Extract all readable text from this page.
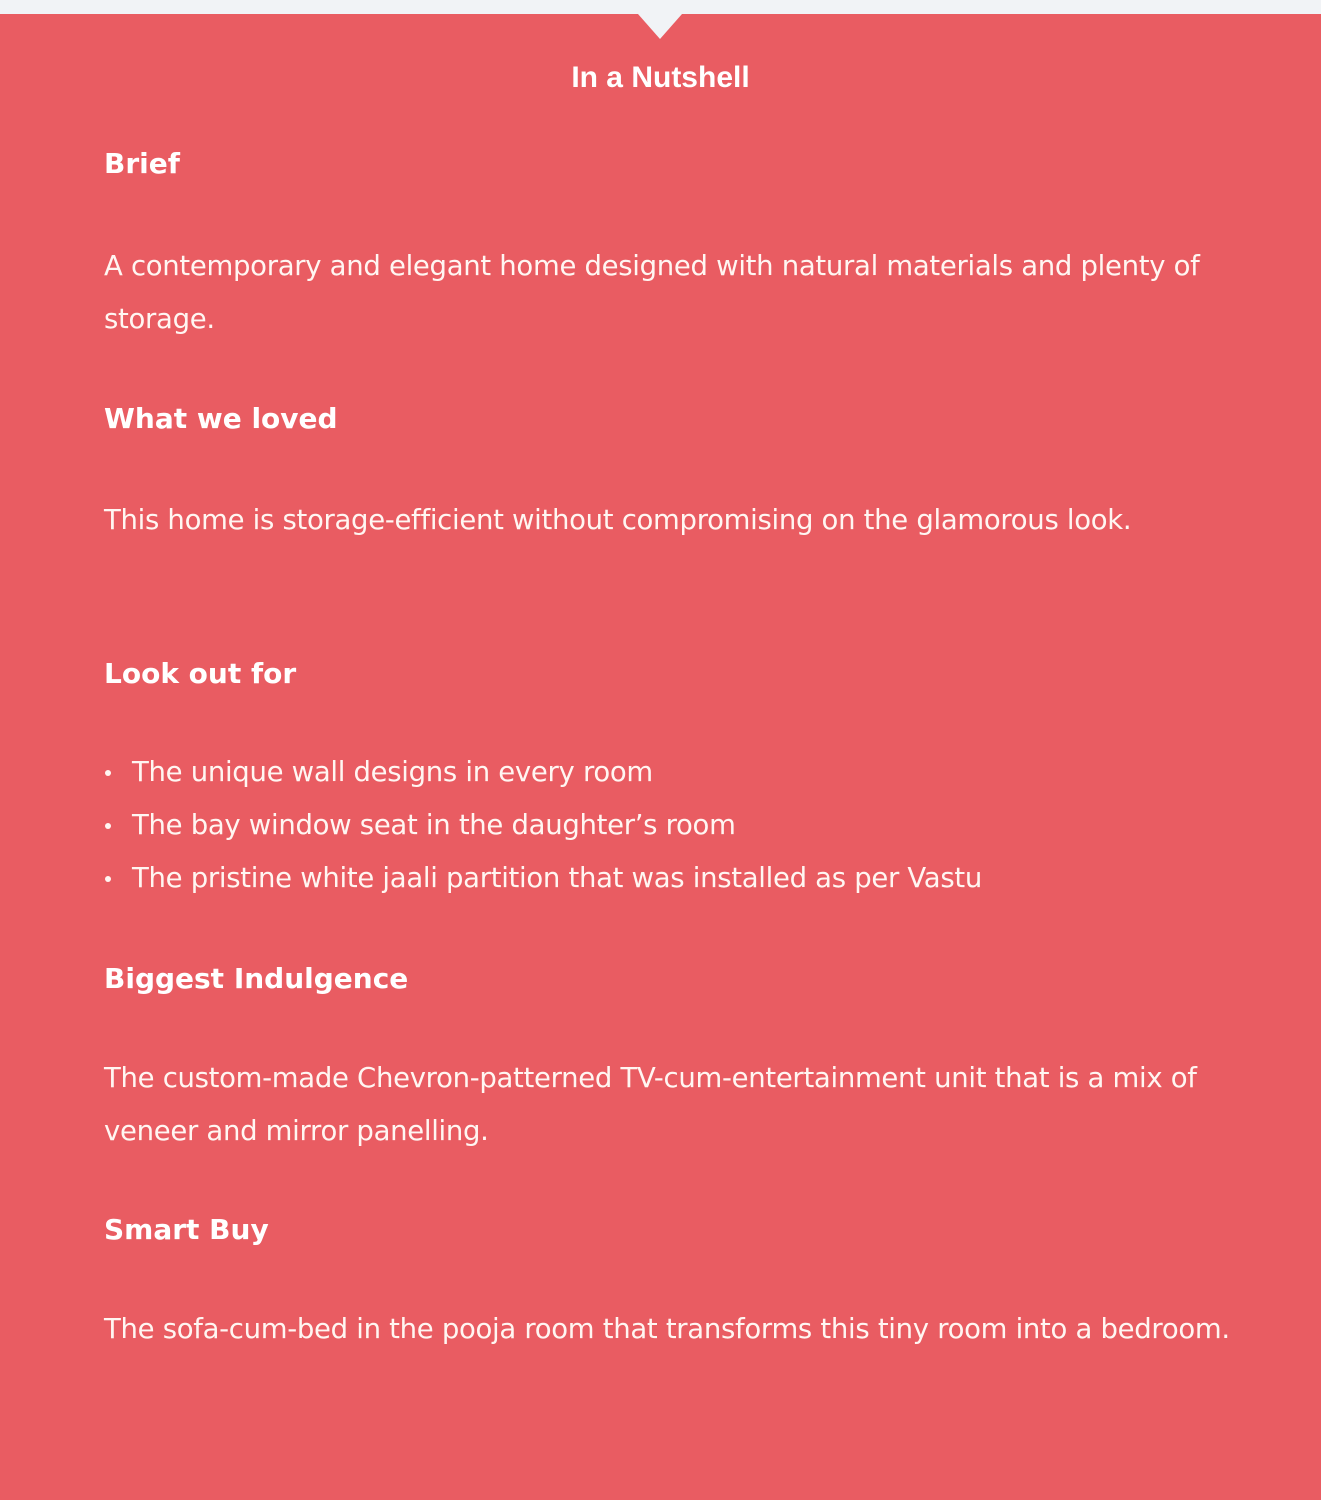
In a Nutshell
Brief

A contemporary and elegant home designed with natural materials and plenty of storage.

What we loved

This home is storage-efficient without compromising on the glamorous look.

Look out for
The unique wall designs in every room
The bay window seat in the daughter’s room
The pristine white jaali partition that was installed as per Vastu
Biggest Indulgence

The custom-made Chevron-patterned TV-cum-entertainment unit that is a mix of veneer and mirror panelling.

Smart Buy

The sofa-cum-bed in the pooja room that transforms this tiny room into a bedroom.
